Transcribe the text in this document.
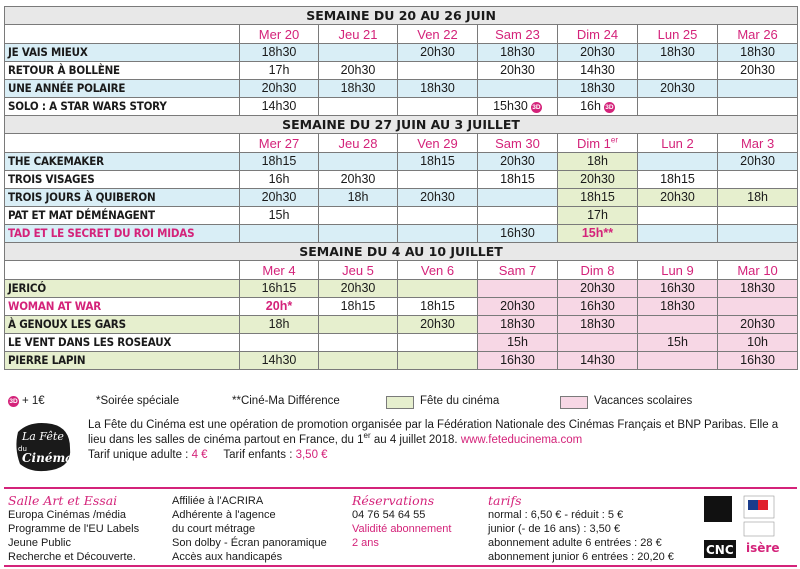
SEMAINE DU 20 AU 26 JUIN							
	Mer 20	Jeu 21	Ven 22	Sam 23	Dim 24	Lun 25	Mar 26
JE VAIS MIEUX	18h30		20h30	18h30	20h30	18h30	18h30
RETOUR À BOLLÈNE	17h	20h30		20h30	14h30		20h30
UNE ANNÉE POLAIRE	20h30	18h30	18h30		18h30	20h30	
SOLO : A STAR WARS STORY	14h30			15h30 3D	16h 3D		
SEMAINE DU 27 JUIN AU 3 JUILLET							
	Mer 27	Jeu 28	Ven 29	Sam 30	Dim 1er	Lun 2	Mar 3
THE CAKEMAKER	18h15		18h15	20h30	18h		20h30
TROIS VISAGES	16h	20h30		18h15	20h30	18h15	
TROIS JOURS À QUIBERON	20h30	18h	20h30		18h15	20h30	18h
PAT ET MAT DÉMÉNAGENT	15h				17h		
TAD ET LE SECRET DU ROI MIDAS				16h30	15h**		
SEMAINE DU 4 AU 10 JUILLET							
	Mer 4	Jeu 5	Ven 6	Sam 7	Dim 8	Lun 9	Mar 10
JERICÓ	16h15	20h30			20h30	16h30	18h30
WOMAN AT WAR	20h*	18h15	18h15	20h30	16h30	18h30	
À GENOUX LES GARS	18h		20h30	18h30	18h30		20h30
LE VENT DANS LES ROSEAUX				15h		15h	10h
PIERRE LAPIN	14h30			16h30	14h30		16h30
3D + 1€	*Soirée spéciale	**Ciné-Ma Différence	Fête du cinéma	Vacances scolaires
La Fête
du
Cinéma
La Fête du Cinéma est une opération de promotion organisée par la Fédération Nationale des Cinémas Français et BNP Paribas. Elle a lieu dans les salles de cinéma partout en France, du 1er au 4 juillet 2018. www.feteducinema.com
Tarif unique adulte : 4 € Tarif enfants : 3,50 €
Salle Art et Essai
Europa Cinémas /média
Programme de l'EU Labels
Jeune Public
Recherche et Découverte.
Affiliée à l'ACRIRA
Adhérente à l'agence
du court métrage
Son dolby - Écran panoramique
Accès aux handicapés
Réservations
04 76 54 64 55
Validité abonnement
2 ans
tarifs
normal : 6,50 € - réduit : 5 €
junior (- de 16 ans) : 3,50 €
abonnement adulte 6 entrées : 28 €
abonnement junior 6 entrées : 20,20 €	CNC isère
